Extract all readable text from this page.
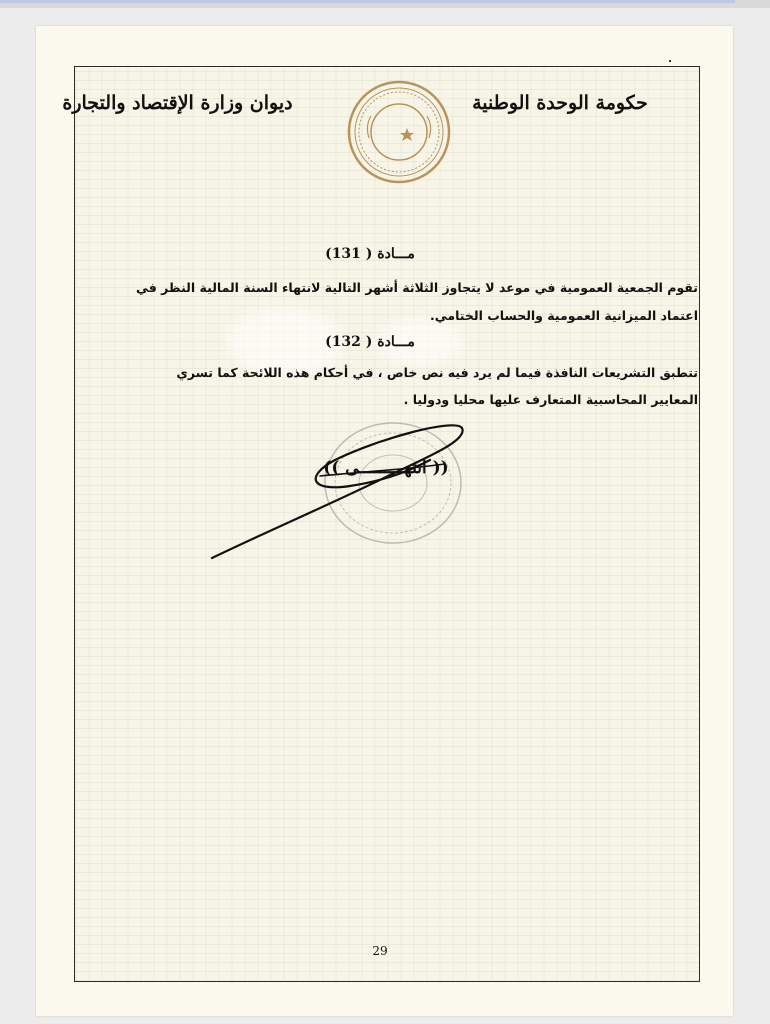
حكومة الوحدة الوطنية
ديوان وزارة الإقتصاد والتجارة
مـــادة ( 131)
تقوم الجمعية العمومية في موعد لا يتجاوز الثلاثة أشهر التالية لانتهاء السنة المالية النظر في
اعتماد الميزانية العمومية والحساب الختامي.
مـــادة ( 132)
تتطبق التشريعات النافذة فيما لم يرد فيه نص خاص ، في أحكام هذه اللائحة كما تسري
المعايير المحاسبية المتعارف عليها محليا ودوليا .
(( انتهـــــــــى ))
29
